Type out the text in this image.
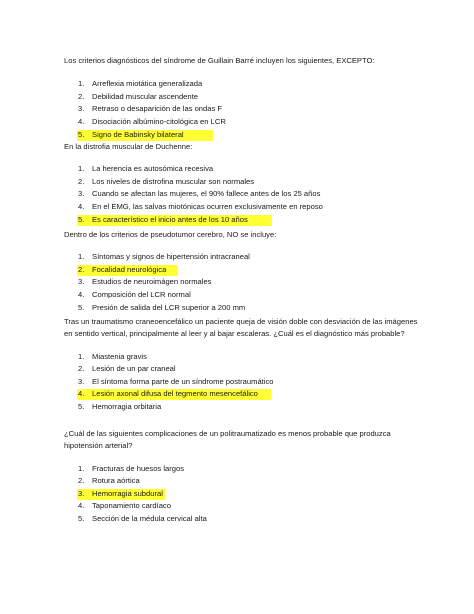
Los criterios diagnósticos del síndrome de Guillain Barré incluyen los siguientes, EXCEPTO:

1. Arreflexia miotática generalizada
2. Debilidad muscular ascendente
3. Retraso o desaparición de las ondas F
4. Disociación albúmino-citológica en LCR
5. Signo de Babinsky bilateral

En la distrofia muscular de Duchenne:

1. La herencia es autosómica recesiva
2. Los niveles de distrofina muscular son normales
3. Cuando se afectan las mujeres, el 90% fallece antes de los 25 años
4. En el EMG, las salvas miotónicas ocurren exclusivamente en reposo
5. Es característico el inicio antes de los 10 años

Dentro de los criterios de pseudotumor cerebro, NO se incluye:

1. Síntomas y signos de hipertensión intracraneal
2. Focalidad neurológica
3. Estudios de neuroimágen normales
4. Composición del LCR normal
5. Presión de salida del LCR superior a 200 mm

Tras un traumatismo craneoencefálico un paciente queja de visión doble con desviación de las imágenes en sentido vertical, principalmente al leer y al bajar escaleras. ¿Cuál es el diagnóstico más probable?

1. Miastenia gravis
2. Lesión de un par craneal
3. El síntoma forma parte de un síndrome postraumático
4. Lesión axonal difusa del tegmento mesencefálico
5. Hemorragia orbitaria

¿Cuál de las siguientes complicaciones de un politraumatizado es menos probable que produzca hipotensión arterial?

1. Fracturas de huesos largos
2. Rotura aórtica
3. Hemorragia subdural
4. Taponamiento cardíaco
5. Sección de la médula cervical alta
